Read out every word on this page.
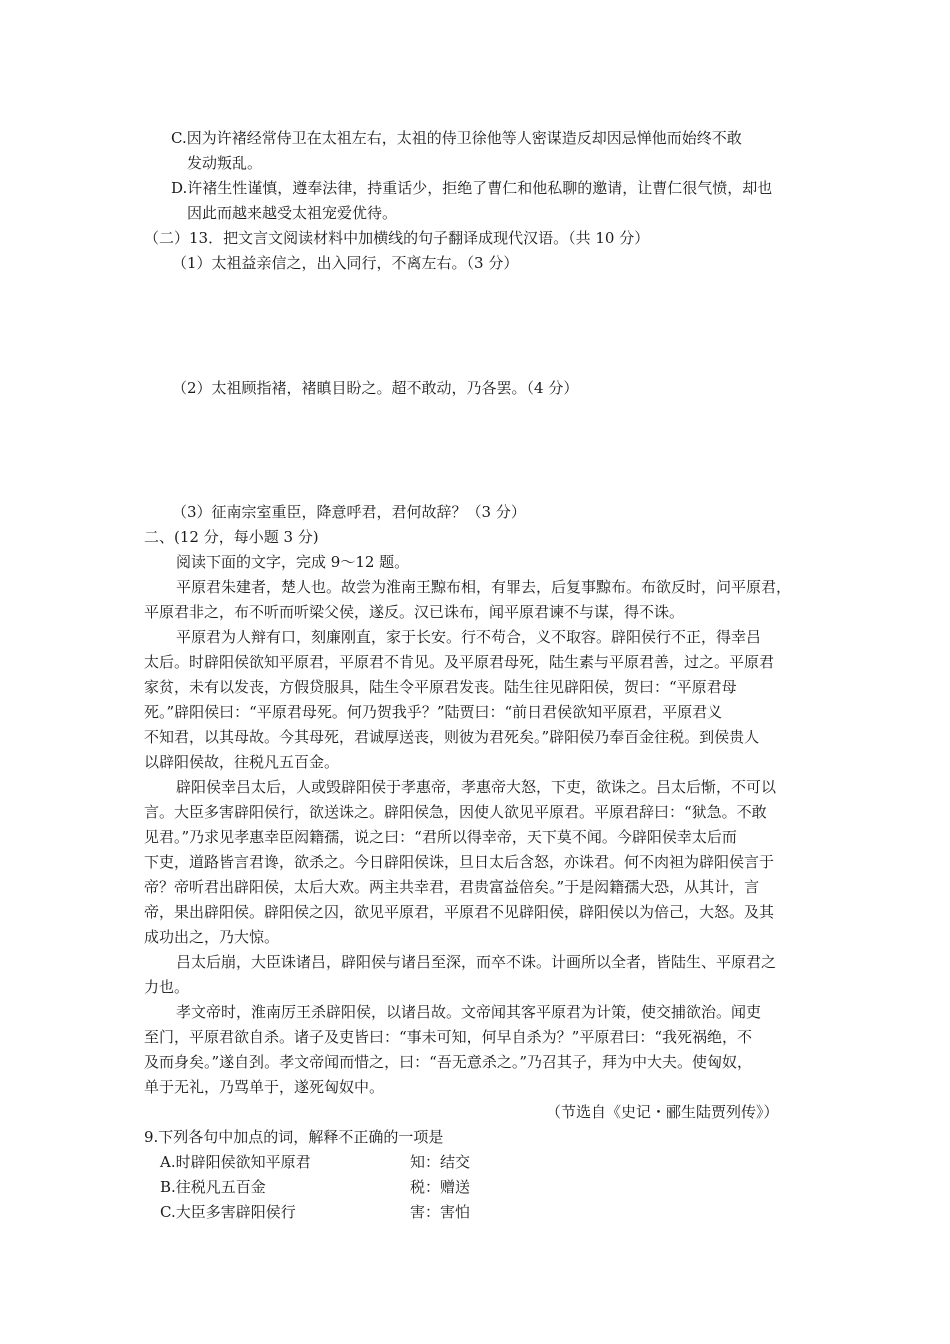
C.因为许褚经常侍卫在太祖左右，太祖的侍卫徐他等人密谋造反却因忌惮他而始终不敢
发动叛乱。
D.许褚生性谨慎，遵奉法律，持重话少，拒绝了曹仁和他私聊的邀请，让曹仁很气愤，却也
因此而越来越受太祖宠爱优待。
（二）13．把文言文阅读材料中加横线的句子翻译成现代汉语。（共 10 分）
（1）太祖益亲信之，出入同行，不离左右。（3 分）
（2）太祖顾指褚，褚瞋目盼之。超不敢动，乃各罢。（4 分）
（3）征南宗室重臣，降意呼君，君何故辞？（3 分）
二、(12 分，每小题 3 分)
阅读下面的文字，完成 9～12 题。
平原君朱建者，楚人也。故尝为淮南王黥布相，有罪去，后复事黥布。布欲反时，问平原君，
平原君非之，布不听而听梁父侯，遂反。汉已诛布，闻平原君谏不与谋，得不诛。
平原君为人辩有口，刻廉刚直，家于长安。行不苟合，义不取容。辟阳侯行不正，得幸吕
太后。时辟阳侯欲知平原君，平原君不肯见。及平原君母死，陆生素与平原君善，过之。平原君
家贫，未有以发丧，方假贷服具，陆生令平原君发丧。陆生往见辟阳侯，贺曰：“平原君母
死。”辟阳侯曰：“平原君母死。何乃贺我乎？”陆贾曰：“前日君侯欲知平原君，平原君义
不知君，以其母故。今其母死，君诚厚送丧，则彼为君死矣。”辟阳侯乃奉百金往税。到侯贵人
以辟阳侯故，往税凡五百金。
辟阳侯幸吕太后，人或毁辟阳侯于孝惠帝，孝惠帝大怒，下吏，欲诛之。吕太后惭，不可以
言。大臣多害辟阳侯行，欲送诛之。辟阳侯急，因使人欲见平原君。平原君辞曰：“狱急。不敢
见君。”乃求见孝惠幸臣闳籍孺，说之曰：“君所以得幸帝，天下莫不闻。今辟阳侯幸太后而
下吏，道路皆言君谗，欲杀之。今日辟阳侯诛，旦日太后含怒，亦诛君。何不肉袒为辟阳侯言于
帝？帝听君出辟阳侯，太后大欢。两主共幸君，君贵富益倍矣。”于是闳籍孺大恐，从其计，言
帝，果出辟阳侯。辟阳侯之囚，欲见平原君，平原君不见辟阳侯，辟阳侯以为倍己，大怒。及其
成功出之，乃大惊。
吕太后崩，大臣诛诸吕，辟阳侯与诸吕至深，而卒不诛。计画所以全者，皆陆生、平原君之
力也。
孝文帝时，淮南厉王杀辟阳侯，以诸吕故。文帝闻其客平原君为计策，使交捕欲治。闻吏
至门，平原君欲自杀。诸子及吏皆曰：“事未可知，何早自杀为？”平原君曰：“我死祸绝，不
及而身矣。”遂自刭。孝文帝闻而惜之，曰：“吾无意杀之。”乃召其子，拜为中大夫。使匈奴，
单于无礼，乃骂单于，遂死匈奴中。
（节选自《史记・郦生陆贾列传》）
9.下列各句中加点的词，解释不正确的一项是
A.时辟阳侯欲知平原君	知：结交
B.往税凡五百金	税：赠送
C.大臣多害辟阳侯行	害：害怕
